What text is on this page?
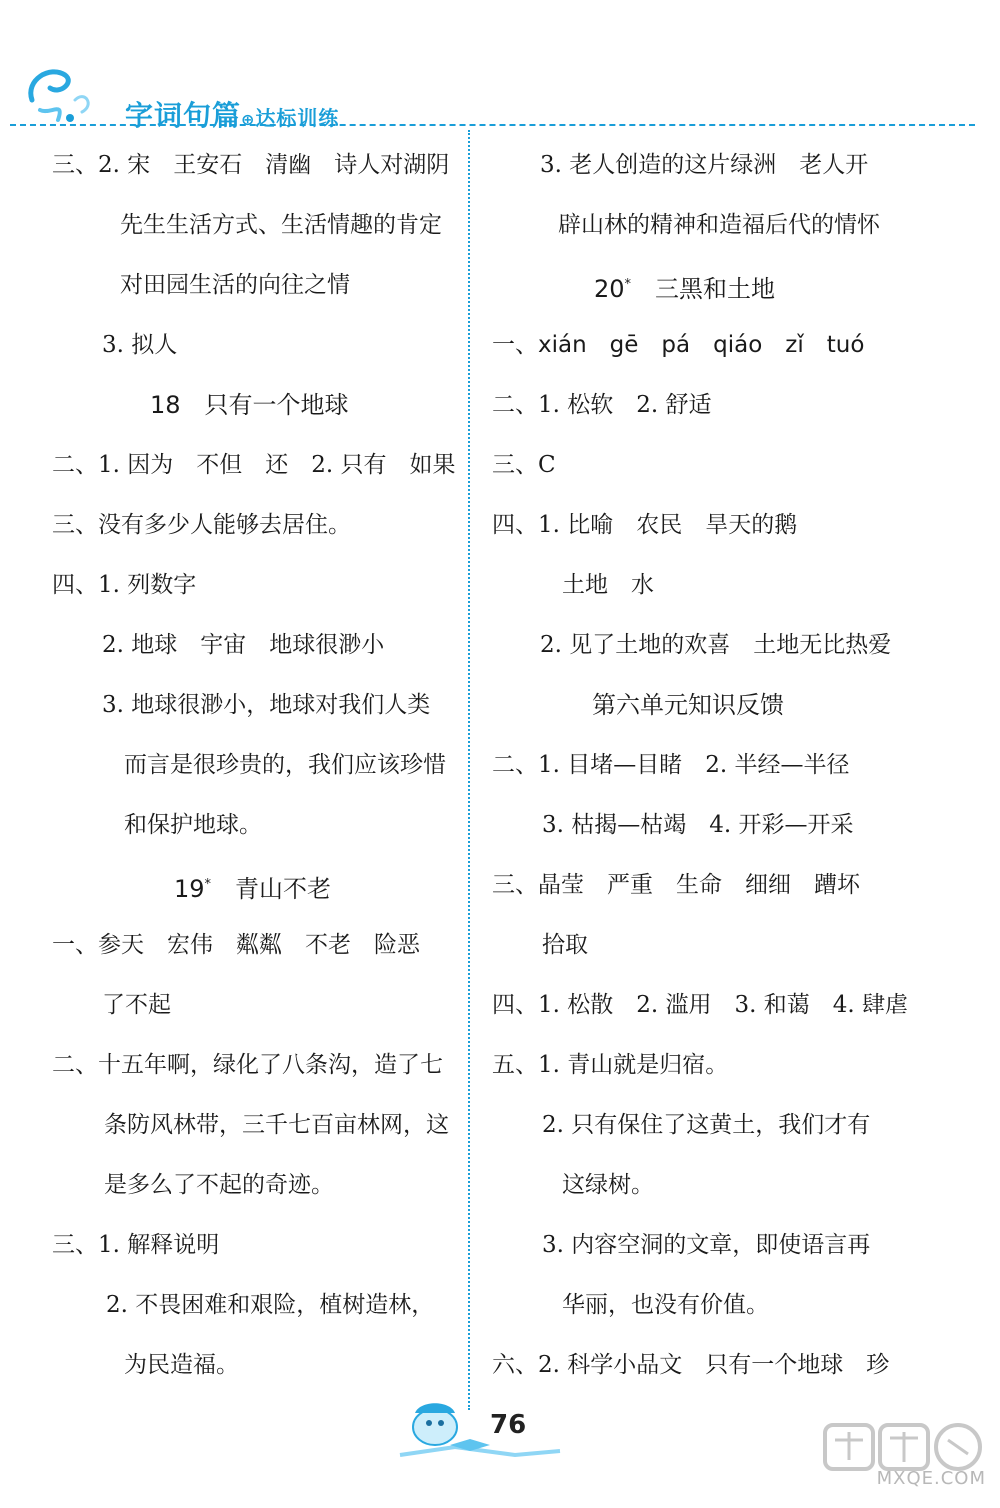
字词句篇⊕达标训练
三、2. 宋　王安石　清幽　诗人对湖阴
先生生活方式、生活情趣的肯定
对田园生活的向往之情
3. 拟人
18　只有一个地球
二、1. 因为　不但　还　2. 只有　如果
三、没有多少人能够去居住。
四、1. 列数字
2. 地球　宇宙　地球很渺小
3. 地球很渺小，地球对我们人类
而言是很珍贵的，我们应该珍惜
和保护地球。
19*　 青山不老
一、参天　宏伟　粼粼　不老　险恶
了不起
二、十五年啊，绿化了八条沟，造了七
条防风林带，三千七百亩林网，这
是多么了不起的奇迹。
三、1. 解释说明
2. 不畏困难和艰险，植树造林，
为民造福。
3. 老人创造的这片绿洲　老人开
辟山林的精神和造福后代的情怀
20*　 三黑和土地
一、xián　gē　pá　qiáo　zǐ　tuó
二、1. 松软　2. 舒适
三、C
四、1. 比喻　农民　旱天的鹅
土地　水
2. 见了土地的欢喜　土地无比热爱
第六单元知识反馈
二、1. 目堵—目睹　2. 半经—半径
3. 枯揭—枯竭　4. 开彩—开采
三、晶莹　严重　生命　细细　蹧坏
拾取
四、1. 松散　2. 滥用　3. 和蔼　4. 肆虐
五、1. 青山就是归宿。
2. 只有保住了这黄土，我们才有
这绿树。
3. 内容空洞的文章，即使语言再
华丽，也没有价值。
六、2. 科学小品文　只有一个地球　珍
76
MXQE.COM
